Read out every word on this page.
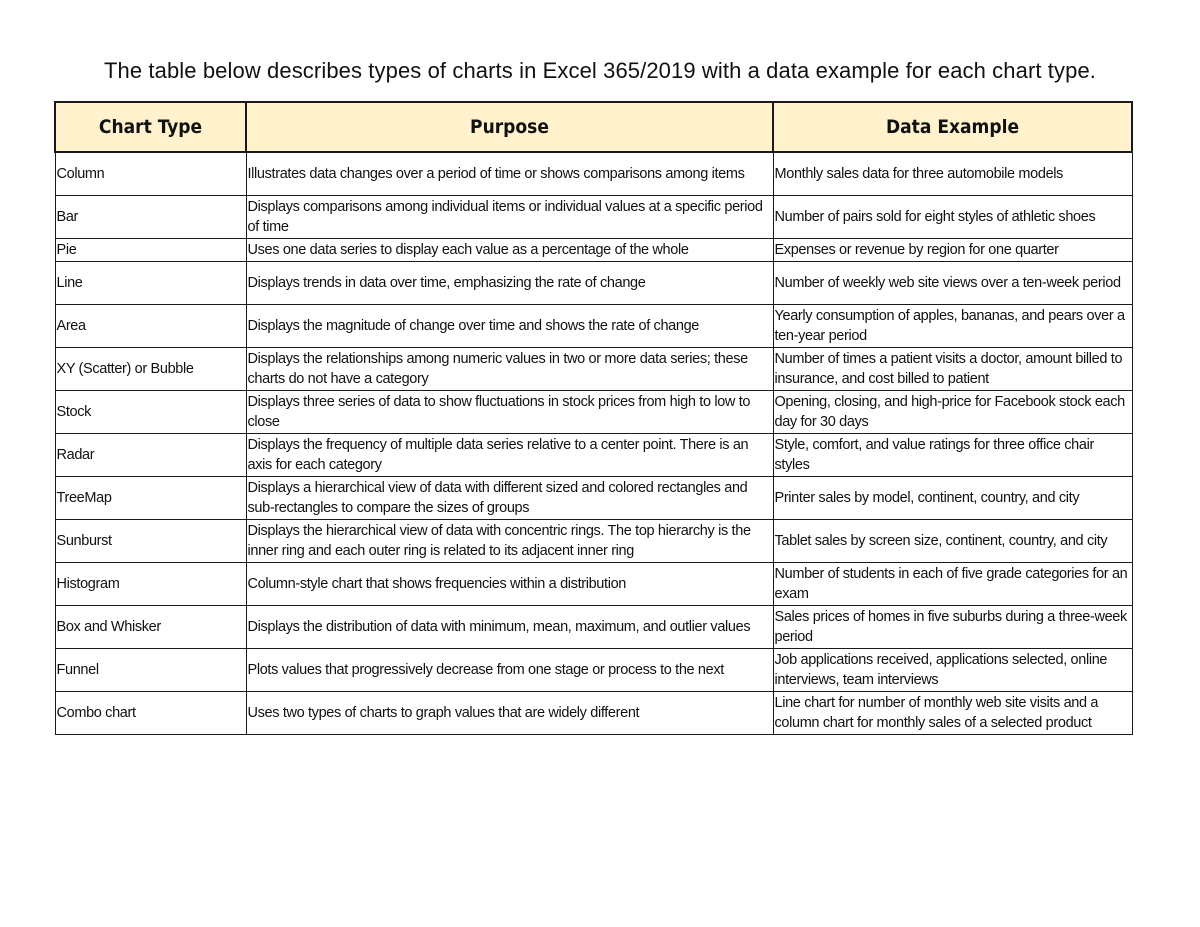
The table below describes types of charts in Excel 365/2019 with a data example for each chart type.
Chart Type	Purpose	Data Example
Column	Illustrates data changes over a period of time or shows comparisons among items	Monthly sales data for three automobile models
Bar	Displays comparisons among individual items or individual values at a specific period of time	Number of pairs sold for eight styles of athletic shoes
Pie	Uses one data series to display each value as a percentage of the whole	Expenses or revenue by region for one quarter
Line	Displays trends in data over time, emphasizing the rate of change	Number of weekly web site views over a ten-week period
Area	Displays the magnitude of change over time and shows the rate of change	Yearly consumption of apples, bananas, and pears over a ten-year period
XY (Scatter) or Bubble	Displays the relationships among numeric values in two or more data series; these charts do not have a category	Number of times a patient visits a doctor, amount billed to insurance, and cost billed to patient
Stock	Displays three series of data to show fluctuations in stock prices from high to low to close	Opening, closing, and high-price for Facebook stock each day for 30 days
Radar	Displays the frequency of multiple data series relative to a center point. There is an axis for each category	Style, comfort, and value ratings for three office chair styles
TreeMap	Displays a hierarchical view of data with different sized and colored rectangles and sub-rectangles to compare the sizes of groups	Printer sales by model, continent, country, and city
Sunburst	Displays the hierarchical view of data with concentric rings. The top hierarchy is the inner ring and each outer ring is related to its adjacent inner ring	Tablet sales by screen size, continent, country, and city
Histogram	Column-style chart that shows frequencies within a distribution	Number of students in each of five grade categories for an exam
Box and Whisker	Displays the distribution of data with minimum, mean, maximum, and outlier values	Sales prices of homes in five suburbs during a three-week period
Funnel	Plots values that progressively decrease from one stage or process to the next	Job applications received, applications selected, online interviews, team interviews
Combo chart	Uses two types of charts to graph values that are widely different	Line chart for number of monthly web site visits and a column chart for monthly sales of a selected product
